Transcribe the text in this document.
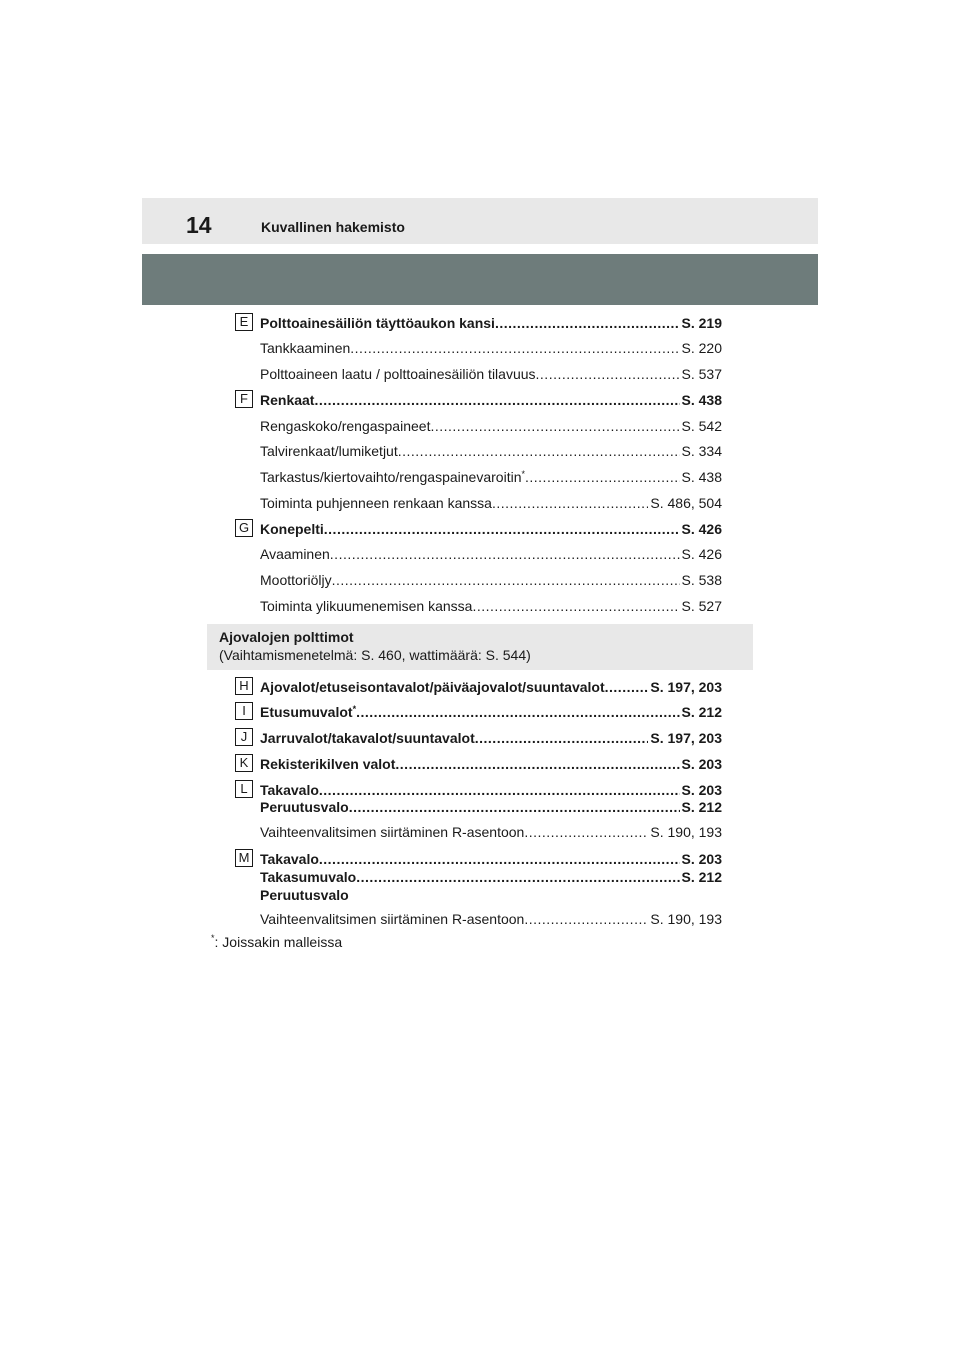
14	Kuvallinen hakemisto
E Polttoainesäiliön täyttöaukon kansi .....	S. 219
Tankkaaminen .....	S. 220
Polttoaineen laatu / polttoainesäiliön tilavuus .....	S. 537
F Renkaat .....	S. 438
Rengaskoko/rengaspaineet .....	S. 542
Talvirenkaat/lumiketjut .....	S. 334
Tarkastus/kiertovaihto/rengaspainevaroitin* .....	S. 438
Toiminta puhjenneen renkaan kanssa .....	S. 486, 504
G Konepelti .....	S. 426
Avaaminen .....	S. 426
Moottoriöljy .....	S. 538
Toiminta ylikuumenemisen kanssa .....	S. 527
Ajovalojen polttimot
(Vaihtamismenetelmä: S. 460, wattimäärä: S. 544)
H Ajovalot/etuseisontavalot/päiväajovalot/suuntavalot .....	S. 197, 203
I	Etusumuvalot* .....	S. 212
J Jarruvalot/takavalot/suuntavalot .....	S. 197, 203
K Rekisterikilven valot .....	S. 203
L Takavalo .....	S. 203
Peruutusvalo .....	S. 212
Vaihteenvalitsimen siirtäminen R-asentoon .....	S. 190, 193
M Takavalo .....	S. 203
Takasumuvalo .....	S. 212
Peruutusvalo
Vaihteenvalitsimen siirtäminen R-asentoon .....	S. 190, 193
*: Joissakin malleissa
